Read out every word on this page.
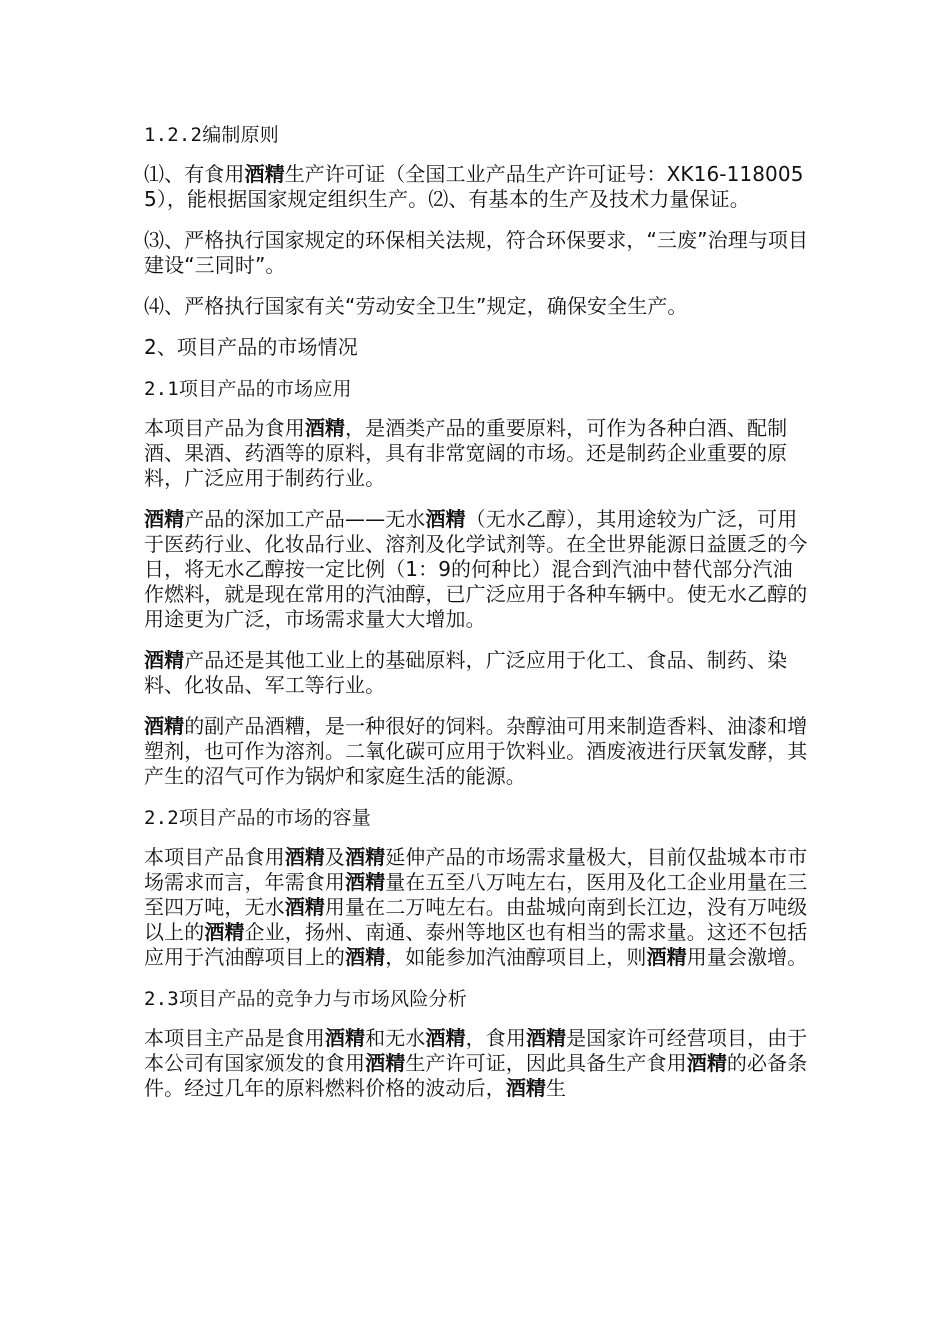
1.2.2编制原则
⑴、有食用酒精生产许可证（全国工业产品生产许可证号：XK16-1180055），能根据国家规定组织生产。⑵、有基本的生产及技术力量保证。
⑶、严格执行国家规定的环保相关法规，符合环保要求，“三废”治理与项目建设“三同时”。
⑷、严格执行国家有关“劳动安全卫生”规定，确保安全生产。
2、项目产品的市场情况
2.1项目产品的市场应用
本项目产品为食用酒精，是酒类产品的重要原料，可作为各种白酒、配制酒、果酒、药酒等的原料，具有非常宽阔的市场。还是制药企业重要的原料，广泛应用于制药行业。
酒精产品的深加工产品——无水酒精（无水乙醇），其用途较为广泛，可用于医药行业、化妆品行业、溶剂及化学试剂等。在全世界能源日益匮乏的今日，将无水乙醇按一定比例（1：9的何种比）混合到汽油中替代部分汽油作燃料，就是现在常用的汽油醇，已广泛应用于各种车辆中。使无水乙醇的用途更为广泛，市场需求量大大增加。
酒精产品还是其他工业上的基础原料，广泛应用于化工、食品、制药、染料、化妆品、军工等行业。
酒精的副产品酒糟，是一种很好的饲料。杂醇油可用来制造香料、油漆和增塑剂，也可作为溶剂。二氧化碳可应用于饮料业。酒废液进行厌氧发酵，其产生的沼气可作为锅炉和家庭生活的能源。
2.2项目产品的市场的容量
本项目产品食用酒精及酒精延伸产品的市场需求量极大，目前仅盐城本市市场需求而言，年需食用酒精量在五至八万吨左右，医用及化工企业用量在三至四万吨，无水酒精用量在二万吨左右。由盐城向南到长江边，没有万吨级以上的酒精企业，扬州、南通、泰州等地区也有相当的需求量。这还不包括应用于汽油醇项目上的酒精，如能参加汽油醇项目上，则酒精用量会激增。
2.3项目产品的竞争力与市场风险分析
本项目主产品是食用酒精和无水酒精，食用酒精是国家许可经营项目，由于本公司有国家颁发的食用酒精生产许可证，因此具备生产食用酒精的必备条件。经过几年的原料燃料价格的波动后，酒精生
